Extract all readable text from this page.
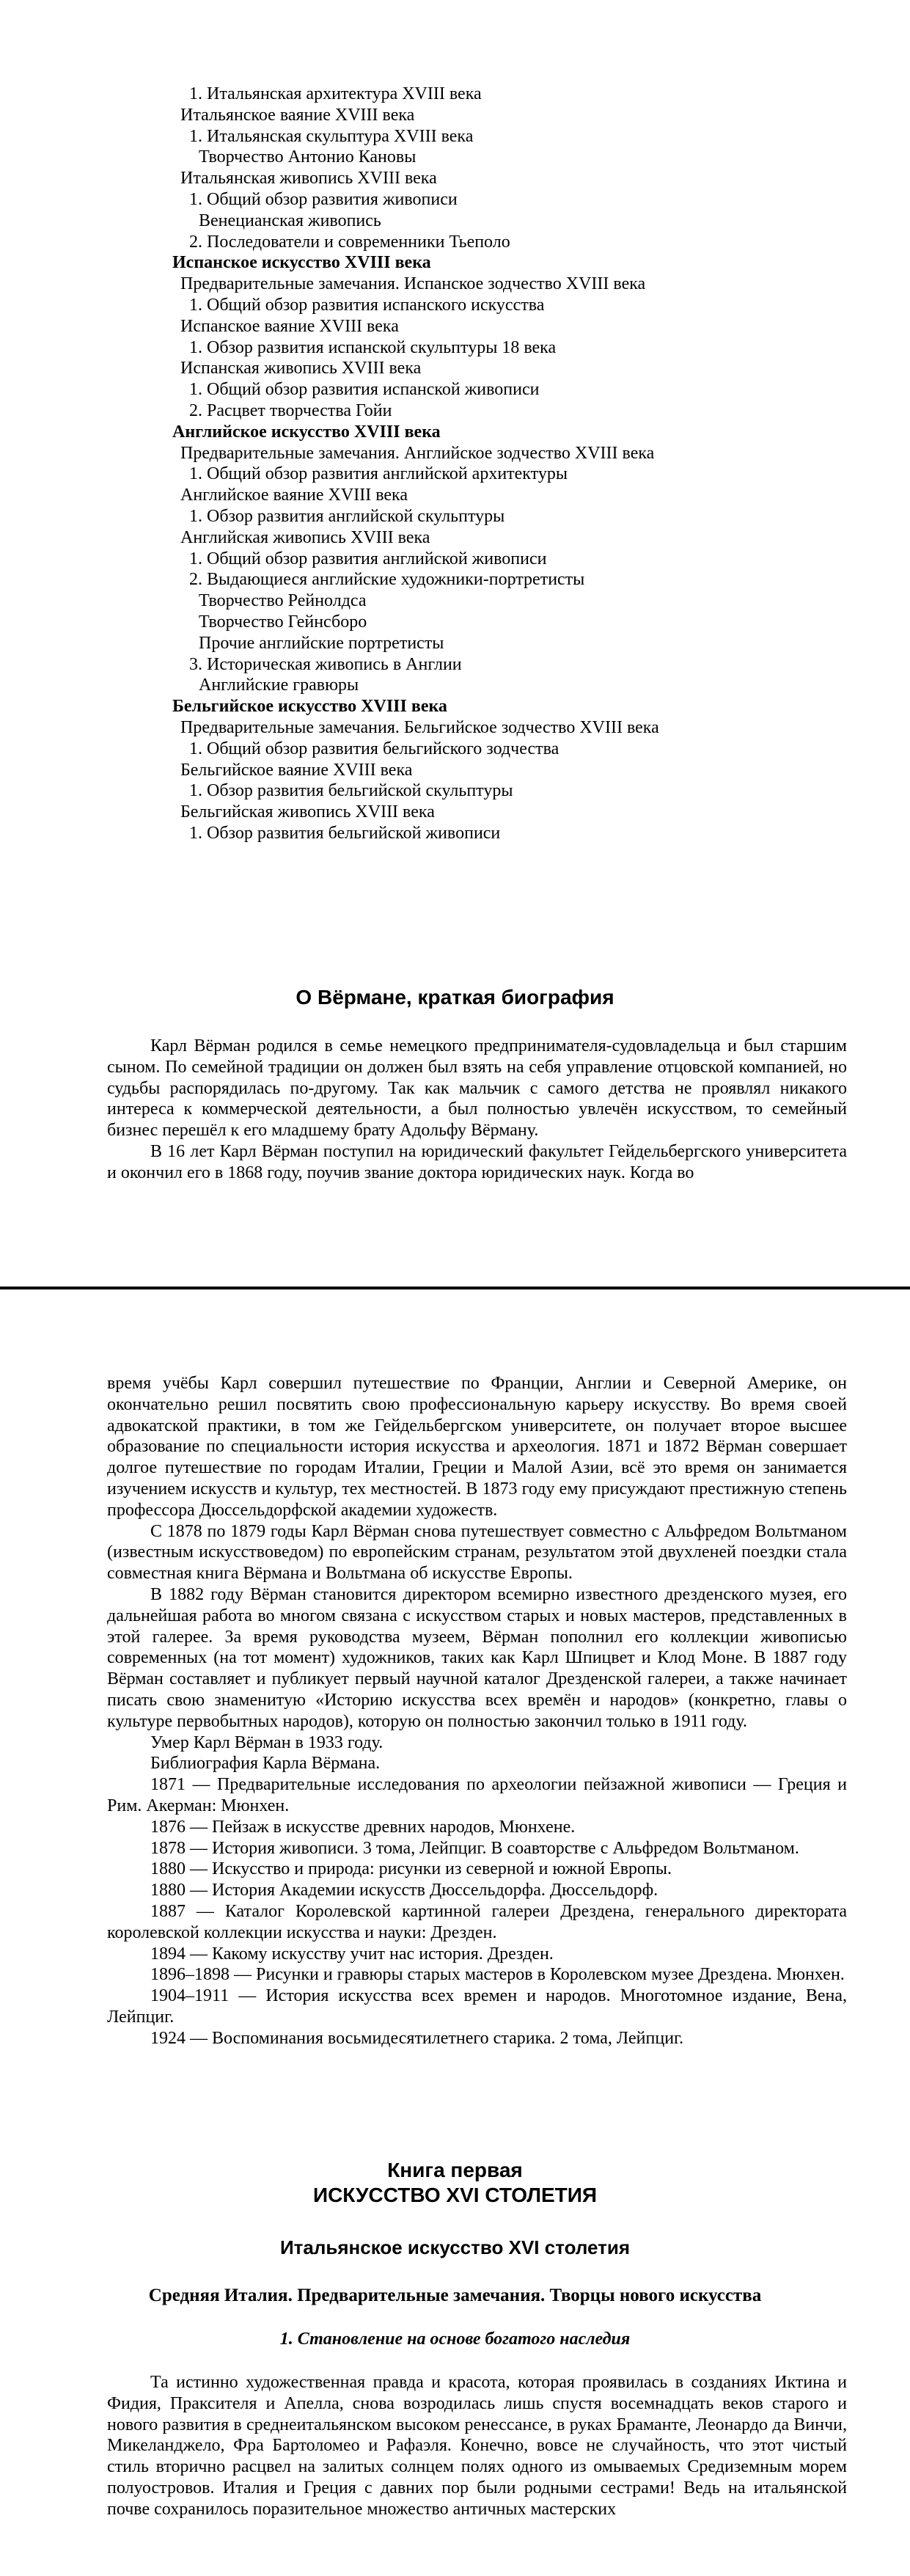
1. Итальянская архитектура XVIII века
Итальянское ваяние XVIII века
1. Итальянская скульптура XVIII века
Творчество Антонио Кановы
Итальянская живопись XVIII века
1. Общий обзор развития живописи
Венецианская живопись
2. Последователи и современники Тьеполо
Испанское искусство XVIII века
Предварительные замечания. Испанское зодчество XVIII века
1. Общий обзор развития испанского искусства
Испанское ваяние XVIII века
1. Обзор развития испанской скульптуры 18 века
Испанская живопись XVIII века
1. Общий обзор развития испанской живописи
2. Расцвет творчества Гойи
Английское искусство XVIII века
Предварительные замечания. Английское зодчество XVIII века
1. Общий обзор развития английской архитектуры
Английское ваяние XVIII века
1. Обзор развития английской скульптуры
Английская живопись XVIII века
1. Общий обзор развития английской живописи
2. Выдающиеся английские художники-портретисты
Творчество Рейнолдса
Творчество Гейнсборо
Прочие английские портретисты
3. Историческая живопись в Англии
Английские гравюры
Бельгийское искусство XVIII века
Предварительные замечания. Бельгийское зодчество XVIII века
1. Общий обзор развития бельгийского зодчества
Бельгийское ваяние XVIII века
1. Обзор развития бельгийской скульптуры
Бельгийская живопись XVIII века
1. Обзор развития бельгийской живописи
О Вёрмане, краткая биография

Карл Вёрман родился в семье немецкого предпринимателя-судовладельца и был старшим сыном. По семейной традиции он должен был взять на себя управление отцовской компанией, но судьбы распорядилась по-другому. Так как мальчик с самого детства не проявлял никакого интереса к коммерческой деятельности, а был полностью увлечён искусством, то семейный бизнес перешёл к его младшему брату Адольфу Вёрману.

В 16 лет Карл Вёрман поступил на юридический факультет Гейдельбергского университета и окончил его в 1868 году, поучив звание доктора юридических наук. Когда во

время учёбы Карл совершил путешествие по Франции, Англии и Северной Америке, он окончательно решил посвятить свою профессиональную карьеру искусству. Во время своей адвокатской практики, в том же Гейдельбергском университете, он получает второе высшее образование по специальности история искусства и археология. 1871 и 1872 Вёрман совершает долгое путешествие по городам Италии, Греции и Малой Азии, всё это время он занимается изучением искусств и культур, тех местностей. В 1873 году ему присуждают престижную степень профессора Дюссельдорфской академии художеств.

С 1878 по 1879 годы Карл Вёрман снова путешествует совместно с Альфредом Вольтманом (известным искусствоведом) по европейским странам, результатом этой двухленей поездки стала совместная книга Вёрмана и Вольтмана об искусстве Европы.

В 1882 году Вёрман становится директором всемирно известного дрезденского музея, его дальнейшая работа во многом связана с искусством старых и новых мастеров, представленных в этой галерее. За время руководства музеем, Вёрман пополнил его коллекции живописью современных (на тот момент) художников, таких как Карл Шпицвет и Клод Моне. В 1887 году Вёрман составляет и публикует первый научной каталог Дрезденской галереи, а также начинает писать свою знаменитую «Историю искусства всех времён и народов» (конкретно, главы о культуре первобытных народов), которую он полностью закончил только в 1911 году.

Умер Карл Вёрман в 1933 году.

Библиография Карла Вёрмана.

1871 — Предварительные исследования по археологии пейзажной живописи — Греция и Рим. Акерман: Мюнхен.

1876 — Пейзаж в искусстве древних народов, Мюнхене.

1878 — История живописи. 3 тома, Лейпциг. В соавторстве с Альфредом Вольтманом.

1880 — Искусство и природа: рисунки из северной и южной Европы.

1880 — История Академии искусств Дюссельдорфа. Дюссельдорф.

1887 — Каталог Королевской картинной галереи Дрездена, генерального директората королевской коллекции искусства и науки: Дрезден.

1894 — Какому искусству учит нас история. Дрезден.

1896–1898 — Рисунки и гравюры старых мастеров в Королевском музее Дрездена. Мюнхен.

1904–1911 — История искусства всех времен и народов. Многотомное издание, Вена, Лейпциг.

1924 — Воспоминания восьмидесятилетнего старика. 2 тома, Лейпциг.

Книга первая
ИСКУССТВО XVI СТОЛЕТИЯ
Итальянское искусство XVI столетия
Средняя Италия. Предварительные замечания. Творцы нового искусства
1. Становление на основе богатого наследия

Та истинно художественная правда и красота, которая проявилась в созданиях Иктина и Фидия, Праксителя и Апелла, снова возродилась лишь спустя восемнадцать веков старого и нового развития в среднеитальянском высоком ренессансе, в руках Браманте, Леонардо да Винчи, Микеланджело, Фра Бартоломео и Рафаэля. Конечно, вовсе не случайность, что этот чистый стиль вторично расцвел на залитых солнцем полях одного из омываемых Средиземным морем полуостровов. Италия и Греция с давних пор были родными сестрами! Ведь на итальянской почве сохранилось поразительное множество античных мастерских
